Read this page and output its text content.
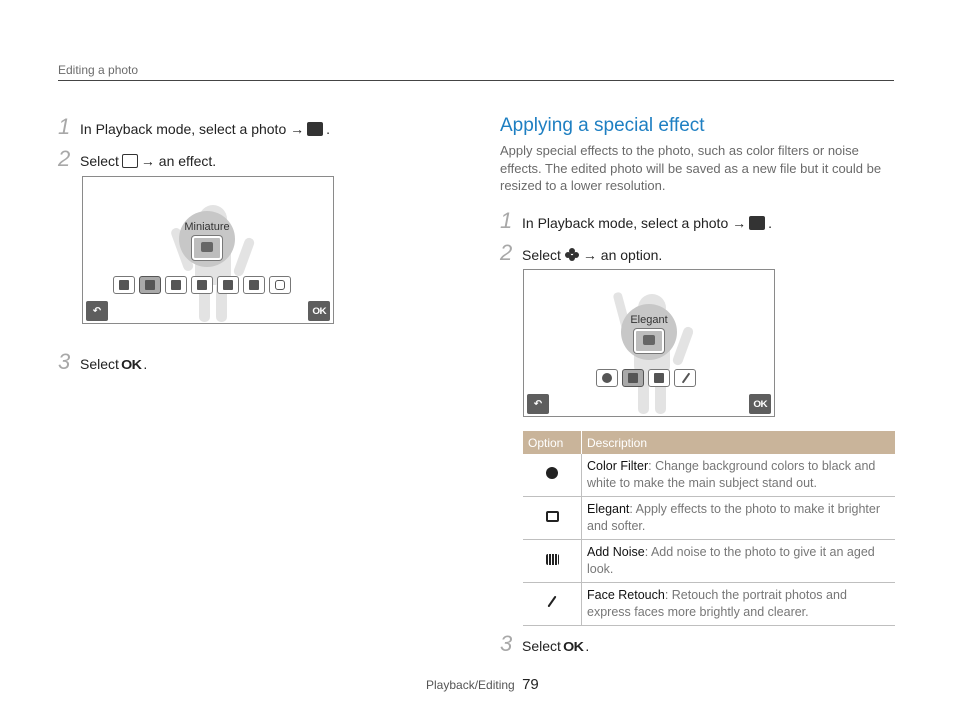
Editing a photo
1 In Playback mode, select a photo → .
2 Select → an effect.
Miniature
↶	OK
3 Select OK .
Applying a special effect
Apply special effects to the photo, such as color filters or noise effects. The edited photo will be saved as a new file but it could be resized to a lower resolution.
1 In Playback mode, select a photo → .
2 Select → an option.
Elegant
↶	OK
Option	Description
	Color Filter: Change background colors to black and white to make the main subject stand out.
	Elegant: Apply effects to the photo to make it brighter and softer.
	Add Noise: Add noise to the photo to give it an aged look.
	Face Retouch: Retouch the portrait photos and express faces more brightly and clearer.
3 Select OK .
Playback/Editing 79
